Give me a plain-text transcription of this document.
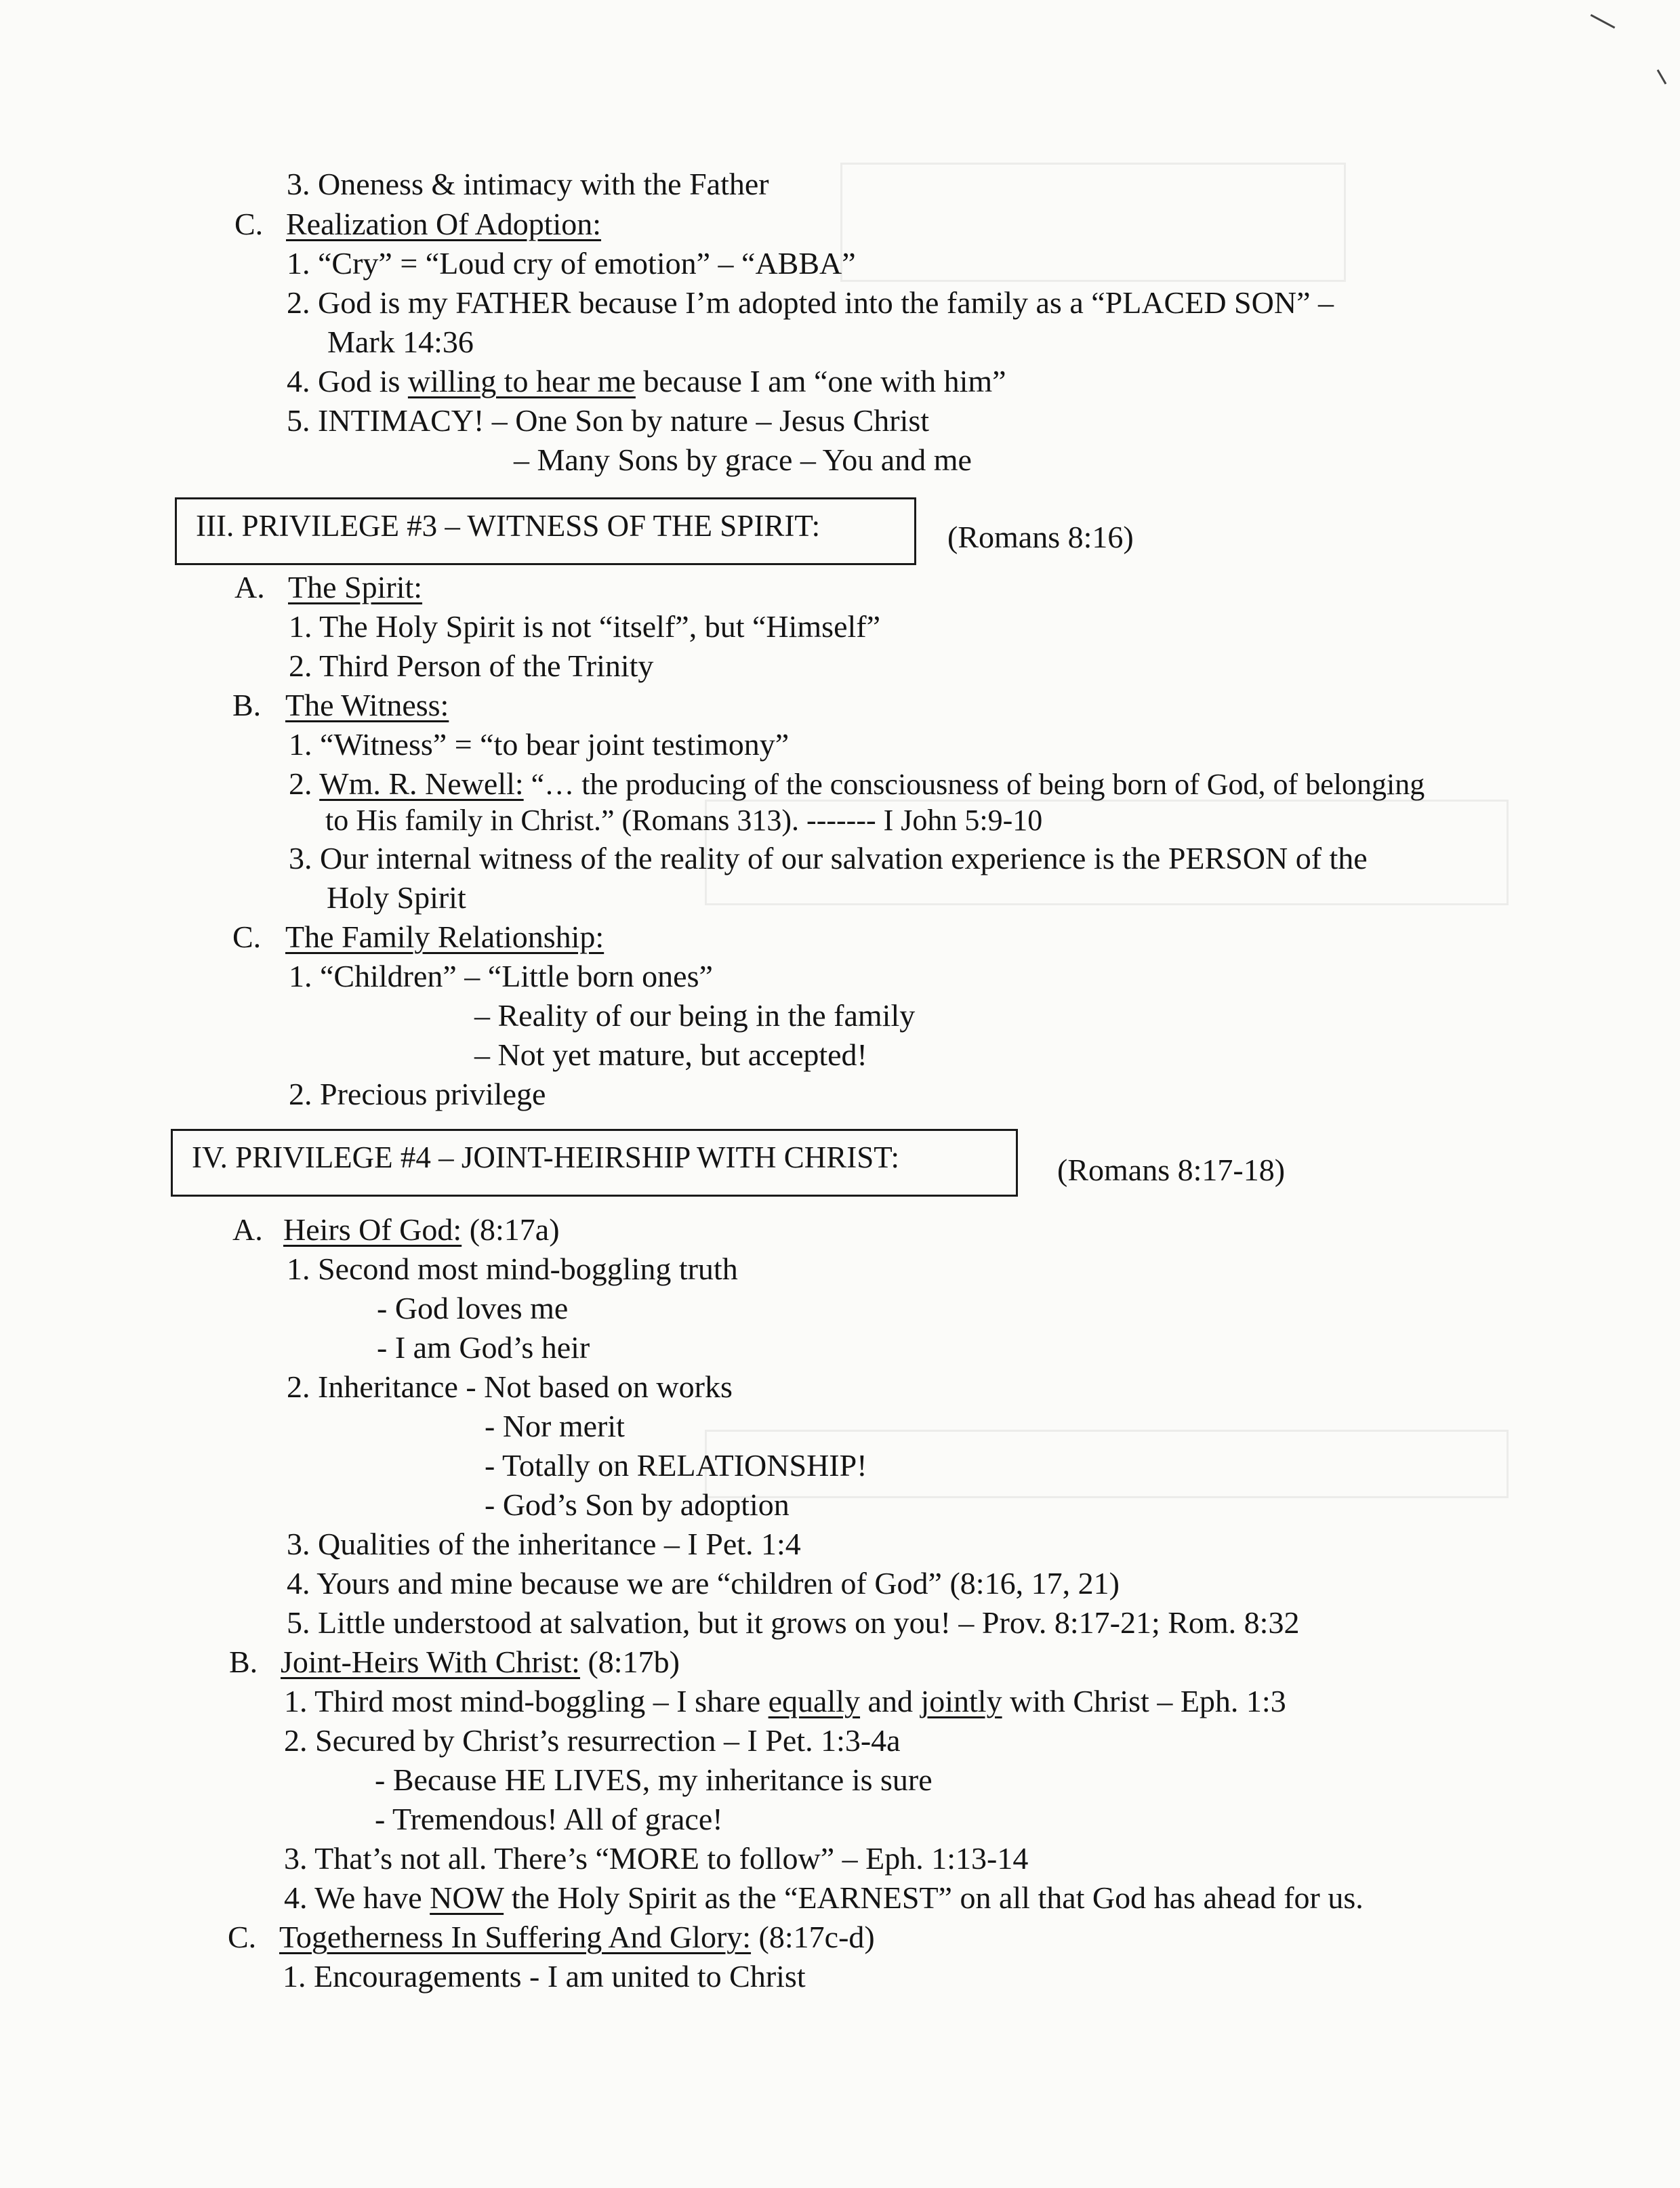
3. Oneness & intimacy with the Father
C. Realization Of Adoption:
1. “Cry” = “Loud cry of emotion” – “ABBA”
2. God is my FATHER because I’m adopted into the family as a “PLACED SON” –
Mark 14:36
4. God is willing to hear me because I am “one with him”
5. INTIMACY! – One Son by nature – Jesus Christ
– Many Sons by grace – You and me
III. PRIVILEGE #3 – WITNESS OF THE SPIRIT:	(Romans 8:16)
A. The Spirit:
1. The Holy Spirit is not “itself”, but “Himself”
2. Third Person of the Trinity
B. The Witness:
1. “Witness” = “to bear joint testimony”
2. Wm. R. Newell: “… the producing of the consciousness of being born of God, of belonging
to His family in Christ.” (Romans 313). ------- I John 5:9-10
3. Our internal witness of the reality of our salvation experience is the PERSON of the
Holy Spirit
C. The Family Relationship:
1. “Children” – “Little born ones”
– Reality of our being in the family
– Not yet mature, but accepted!
2. Precious privilege
IV. PRIVILEGE #4 – JOINT-HEIRSHIP WITH CHRIST:	(Romans 8:17-18)
A. Heirs Of God: (8:17a)
1. Second most mind-boggling truth
- God loves me
- I am God’s heir
2. Inheritance - Not based on works
- Nor merit
- Totally on RELATIONSHIP!
- God’s Son by adoption
3. Qualities of the inheritance – I Pet. 1:4
4. Yours and mine because we are “children of God” (8:16, 17, 21)
5. Little understood at salvation, but it grows on you! – Prov. 8:17-21; Rom. 8:32
B. Joint-Heirs With Christ: (8:17b)
1. Third most mind-boggling – I share equally and jointly with Christ – Eph. 1:3
2. Secured by Christ’s resurrection – I Pet. 1:3-4a
- Because HE LIVES, my inheritance is sure
- Tremendous! All of grace!
3. That’s not all. There’s “MORE to follow” – Eph. 1:13-14
4. We have NOW the Holy Spirit as the “EARNEST” on all that God has ahead for us.
C. Togetherness In Suffering And Glory: (8:17c-d)
1. Encouragements - I am united to Christ
